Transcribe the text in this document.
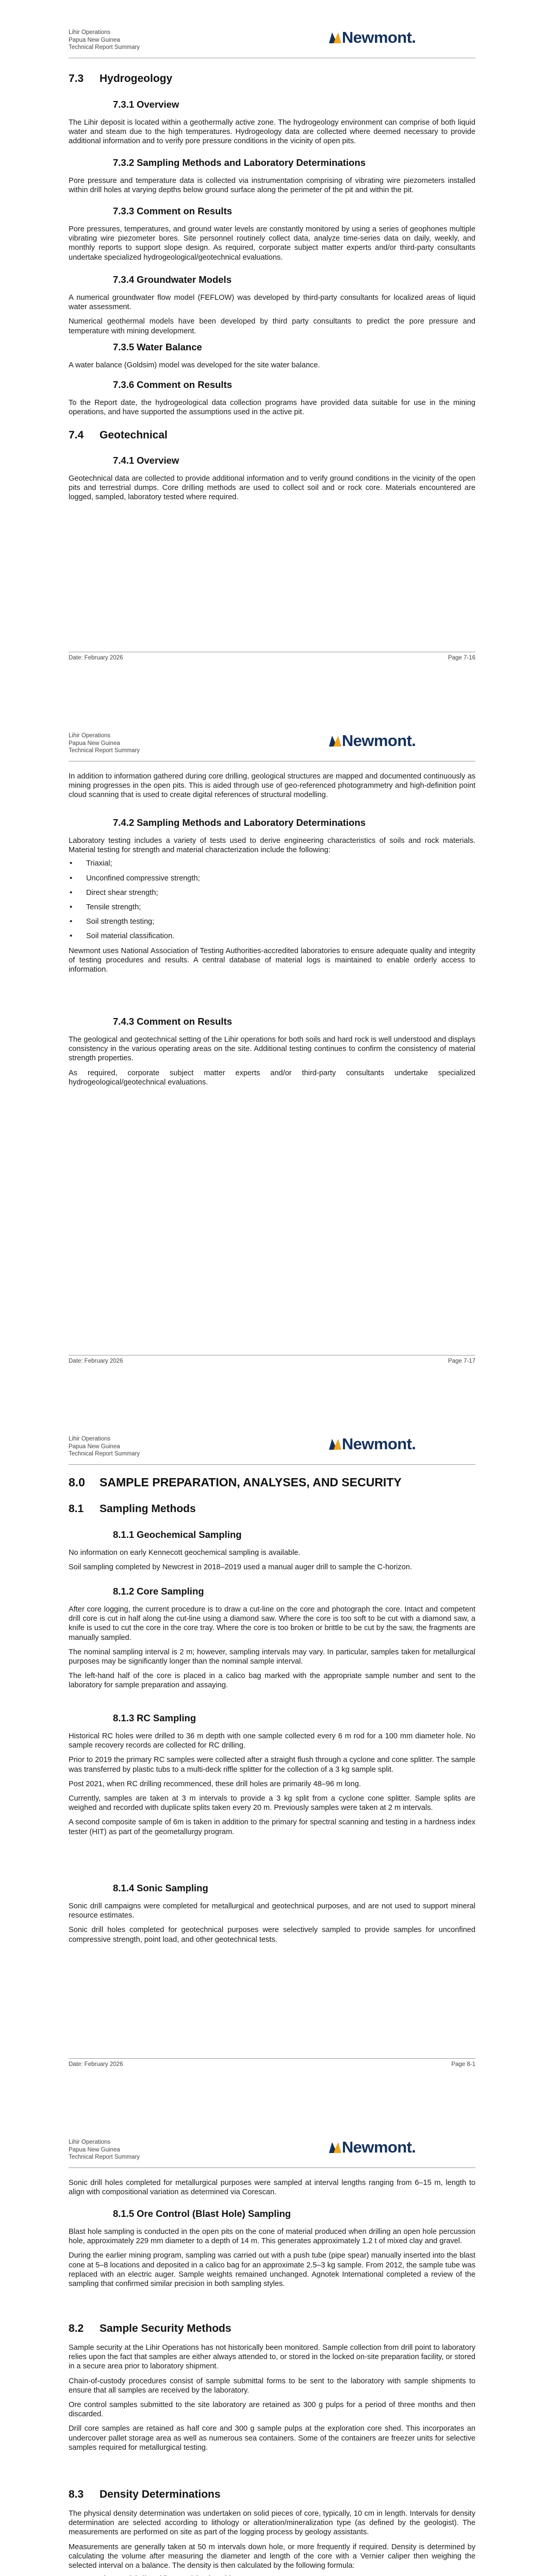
Lihir Operations
Papua New Guinea
Technical Report Summary
Newmont.
7.3 Hydrogeology
7.3.1 Overview

The Lihir deposit is located within a geothermally active zone. The hydrogeology environment can comprise of both liquid water and steam due to the high temperatures. Hydrogeology data are collected where deemed necessary to provide additional information and to verify pore pressure conditions in the vicinity of open pits.

7.3.2 Sampling Methods and Laboratory Determinations

Pore pressure and temperature data is collected via instrumentation comprising of vibrating wire piezometers installed within drill holes at varying depths below ground surface along the perimeter of the pit and within the pit.

7.3.3 Comment on Results

Pore pressures, temperatures, and ground water levels are constantly monitored by using a series of geophones multiple vibrating wire piezometer bores. Site personnel routinely collect data, analyze time-series data on daily, weekly, and monthly reports to support slope design. As required, corporate subject matter experts and/or third-party consultants undertake specialized hydrogeological/geotechnical evaluations.

7.3.4 Groundwater Models

A numerical groundwater flow model (FEFLOW) was developed by third-party consultants for localized areas of liquid water assessment.

Numerical geothermal models have been developed by third party consultants to predict the pore pressure and temperature with mining development.

7.3.5 Water Balance

A water balance (Goldsim) model was developed for the site water balance.

7.3.6 Comment on Results

To the Report date, the hydrogeological data collection programs have provided data suitable for use in the mining operations, and have supported the assumptions used in the active pit.

7.4 Geotechnical
7.4.1 Overview

Geotechnical data are collected to provide additional information and to verify ground conditions in the vicinity of the open pits and terrestrial dumps. Core drilling methods are used to collect soil and or rock core. Materials encountered are logged, sampled, laboratory tested where required.

Date: February 2026	Page 7-16
Lihir Operations
Papua New Guinea
Technical Report Summary
Newmont.

In addition to information gathered during core drilling, geological structures are mapped and documented continuously as mining progresses in the open pits. This is aided through use of geo-referenced photogrammetry and high-definition point cloud scanning that is used to create digital references of structural modelling.

7.4.2 Sampling Methods and Laboratory Determinations

Laboratory testing includes a variety of tests used to derive engineering characteristics of soils and rock materials. Material testing for strength and material characterization include the following:

• Triaxial;
• Unconfined compressive strength;
• Direct shear strength;
• Tensile strength;
• Soil strength testing;
• Soil material classification.

Newmont uses National Association of Testing Authorities-accredited laboratories to ensure adequate quality and integrity of testing procedures and results. A central database of material logs is maintained to enable orderly access to information.

7.4.3 Comment on Results

The geological and geotechnical setting of the Lihir operations for both soils and hard rock is well understood and displays consistency in the various operating areas on the site. Additional testing continues to confirm the consistency of material strength properties.

As required, corporate subject matter experts and/or third-party consultants undertake specialized hydrogeological/geotechnical evaluations.

Date: February 2026	Page 7-17
Lihir Operations
Papua New Guinea
Technical Report Summary
Newmont.
8.0 SAMPLE PREPARATION, ANALYSES, AND SECURITY
8.1 Sampling Methods
8.1.1 Geochemical Sampling

No information on early Kennecott geochemical sampling is available.

Soil sampling completed by Newcrest in 2018–2019 used a manual auger drill to sample the C-horizon.

8.1.2 Core Sampling

After core logging, the current procedure is to draw a cut-line on the core and photograph the core. Intact and competent drill core is cut in half along the cut-line using a diamond saw. Where the core is too soft to be cut with a diamond saw, a knife is used to cut the core in the core tray. Where the core is too broken or brittle to be cut by the saw, the fragments are manually sampled.

The nominal sampling interval is 2 m; however, sampling intervals may vary. In particular, samples taken for metallurgical purposes may be significantly longer than the nominal sample interval.

The left-hand half of the core is placed in a calico bag marked with the appropriate sample number and sent to the laboratory for sample preparation and assaying.

8.1.3 RC Sampling

Historical RC holes were drilled to 36 m depth with one sample collected every 6 m rod for a 100 mm diameter hole. No sample recovery records are collected for RC drilling.

Prior to 2019 the primary RC samples were collected after a straight flush through a cyclone and cone splitter. The sample was transferred by plastic tubs to a multi-deck riffle splitter for the collection of a 3 kg sample split.

Post 2021, when RC drilling recommenced, these drill holes are primarily 48–96 m long.

Currently, samples are taken at 3 m intervals to provide a 3 kg split from a cyclone cone splitter. Sample splits are weighed and recorded with duplicate splits taken every 20 m. Previously samples were taken at 2 m intervals.

A second composite sample of 6m is taken in addition to the primary for spectral scanning and testing in a hardness index tester (HIT) as part of the geometallurgy program.

8.1.4 Sonic Sampling

Sonic drill campaigns were completed for metallurgical and geotechnical purposes, and are not used to support mineral resource estimates.

Sonic drill holes completed for geotechnical purposes were selectively sampled to provide samples for unconfined compressive strength, point load, and other geotechnical tests.

Date: February 2026	Page 8-1
Lihir Operations
Papua New Guinea
Technical Report Summary
Newmont.

Sonic drill holes completed for metallurgical purposes were sampled at interval lengths ranging from 6–15 m, length to align with compositional variation as determined via Corescan.

8.1.5 Ore Control (Blast Hole) Sampling

Blast hole sampling is conducted in the open pits on the cone of material produced when drilling an open hole percussion hole, approximately 229 mm diameter to a depth of 14 m. This generates approximately 1.2 t of mixed clay and gravel.

During the earlier mining program, sampling was carried out with a push tube (pipe spear) manually inserted into the blast cone at 5–8 locations and deposited in a calico bag for an approximate 2.5–3 kg sample. From 2012, the sample tube was replaced with an electric auger. Sample weights remained unchanged. Agnotek International completed a review of the sampling that confirmed similar precision in both sampling styles.

8.2 Sample Security Methods

Sample security at the Lihir Operations has not historically been monitored. Sample collection from drill point to laboratory relies upon the fact that samples are either always attended to, or stored in the locked on-site preparation facility, or stored in a secure area prior to laboratory shipment.

Chain-of-custody procedures consist of sample submittal forms to be sent to the laboratory with sample shipments to ensure that all samples are received by the laboratory.

Ore control samples submitted to the site laboratory are retained as 300 g pulps for a period of three months and then discarded.

Drill core samples are retained as half core and 300 g sample pulps at the exploration core shed. This incorporates an undercover pallet storage area as well as numerous sea containers. Some of the containers are freezer units for selective samples required for metallurgical testing.

8.3 Density Determinations

The physical density determination was undertaken on solid pieces of core, typically, 10 cm in length. Intervals for density determination are selected according to lithology or alteration/mineralization type (as defined by the geologist). The measurements are performed on site as part of the logging process by geology assistants.

Measurements are generally taken at 50 m intervals down hole, or more frequently if required. Density is determined by calculating the volume after measuring the diameter and length of the core with a Vernier caliper then weighing the selected interval on a balance. The density is then calculated by the following formula:

•
